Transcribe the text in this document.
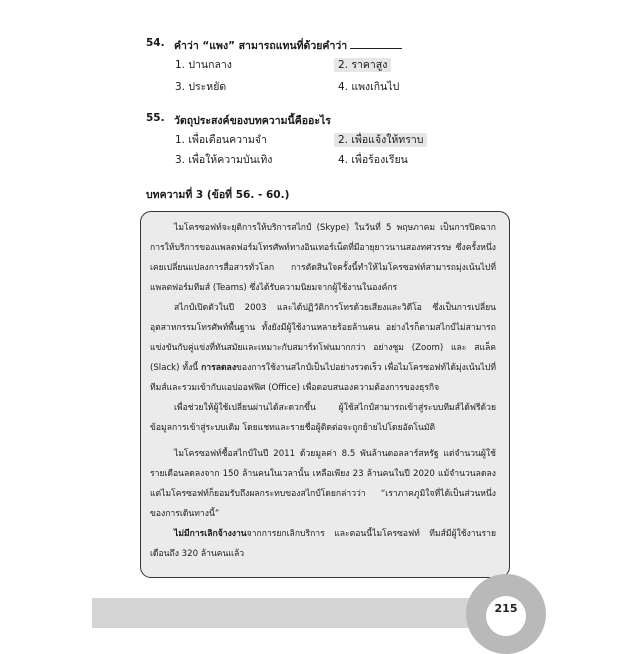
54. คำว่า “แพง” สามารถแทนที่ด้วยคำว่า
1. ปานกลาง	2. ราคาสูง
3. ประหยัด	4. แพงเกินไป
55. วัตถุประสงค์ของบทความนี้คืออะไร
1. เพื่อเตือนความจำ	2. เพื่อแจ้งให้ทราบ
3. เพื่อให้ความบันเทิง	4. เพื่อร้องเรียน
บทความที่ 3 (ข้อที่ 56. - 60.)

ไมโครซอฟท์จะยุติการให้บริการสไกป์ (Skype) ในวันที่ 5 พฤษภาคม เป็นการปิดฉากการให้บริการของแพลตฟอร์มโทรศัพท์ทางอินเทอร์เน็ตที่มีอายุยาวนานสองทศวรรษ ซึ่งครั้งหนึ่งเคยเปลี่ยนแปลงการสื่อสารทั่วโลก การตัดสินใจครั้งนี้ทำให้ไมโครซอฟท์สามารถมุ่งเน้นไปที่แพลตฟอร์มทีมส์ (Teams) ซึ่งได้รับความนิยมจากผู้ใช้งานในองค์กร

สไกป์เปิดตัวในปี 2003 และได้ปฏิวัติการโทรด้วยเสียงและวิดีโอ ซึ่งเป็นการเปลี่ยนอุตสาหกรรมโทรศัพท์พื้นฐาน ทั้งยังมีผู้ใช้งานหลายร้อยล้านคน อย่างไรก็ตามสไกป์ไม่สามารถแข่งขันกับคู่แข่งที่ทันสมัยและเหมาะกับสมาร์ทโฟนมากกว่า อย่างซูม (Zoom) และ สแล็ค (Slack) ทั้งนี้ การลดลงของการใช้งานสไกป์เป็นไปอย่างรวดเร็ว เพื่อไมโครซอฟท์ได้มุ่งเน้นไปที่ทีมส์และรวมเข้ากับแอปออฟฟิศ (Office) เพื่อตอบสนองความต้องการของธุรกิจ

เพื่อช่วยให้ผู้ใช้เปลี่ยนผ่านได้สะดวกขึ้น ผู้ใช้สไกป์สามารถเข้าสู่ระบบทีมส์ได้ฟรีด้วยข้อมูลการเข้าสู่ระบบเดิม โดยแชทและรายชื่อผู้ติดต่อจะถูกย้ายไปโดยอัตโนมัติ

ไมโครซอฟท์ซื้อสไกป์ในปี 2011 ด้วยมูลค่า 8.5 พันล้านดอลลาร์สหรัฐ แต่จำนวนผู้ใช้รายเดือนลดลงจาก 150 ล้านคนในเวลานั้น เหลือเพียง 23 ล้านคนในปี 2020 แม้จำนวนลดลงแต่ไมโครซอฟท์ก็ยอมรับถึงผลกระทบของสไกป์โดยกล่าวว่า “เราภาคภูมิใจที่ได้เป็นส่วนหนึ่งของการเดินทางนี้”

ไม่มีการเลิกจ้างงานจากการยกเลิกบริการ และตอนนี้ไมโครซอฟท์ ทีมส์มีผู้ใช้งานรายเดือนถึง 320 ล้านคนแล้ว

215
